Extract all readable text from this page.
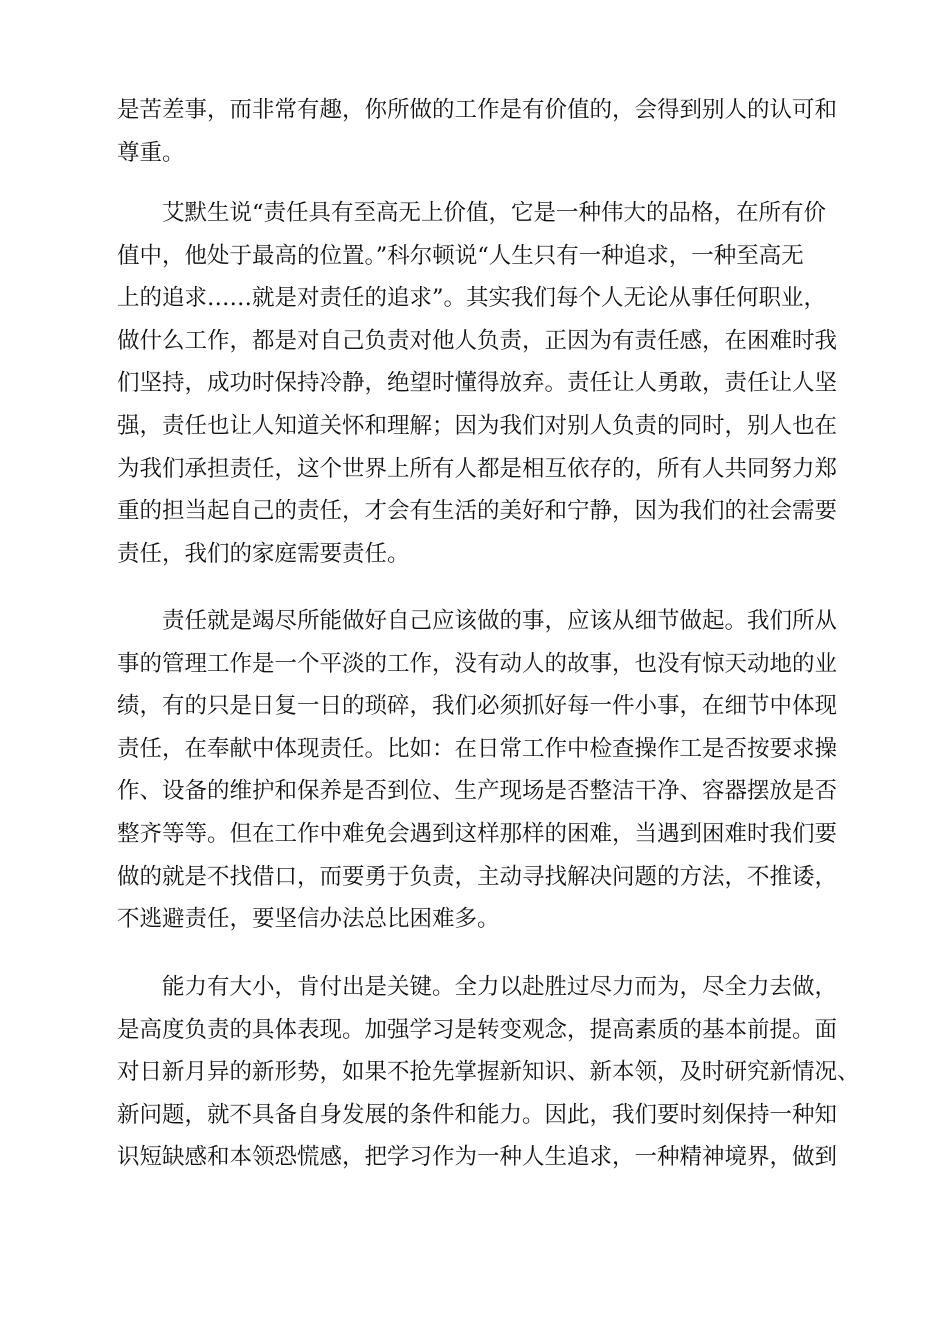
是苦差事，而非常有趣，你所做的工作是有价值的，会得到别人的认可和
尊重。
艾默生说“责任具有至高无上价值，它是一种伟大的品格，在所有价
值中，他处于最高的位置。”科尔顿说“人生只有一种追求，一种至高无
上的追求……就是对责任的追求”。其实我们每个人无论从事任何职业，
做什么工作，都是对自己负责对他人负责，正因为有责任感，在困难时我
们坚持，成功时保持冷静，绝望时懂得放弃。责任让人勇敢，责任让人坚
强，责任也让人知道关怀和理解；因为我们对别人负责的同时，别人也在
为我们承担责任，这个世界上所有人都是相互依存的，所有人共同努力郑
重的担当起自己的责任，才会有生活的美好和宁静，因为我们的社会需要
责任，我们的家庭需要责任。
责任就是竭尽所能做好自己应该做的事，应该从细节做起。我们所从
事的管理工作是一个平淡的工作，没有动人的故事，也没有惊天动地的业
绩，有的只是日复一日的琐碎，我们必须抓好每一件小事，在细节中体现
责任，在奉献中体现责任。比如：在日常工作中检查操作工是否按要求操
作、设备的维护和保养是否到位、生产现场是否整洁干净、容器摆放是否
整齐等等。但在工作中难免会遇到这样那样的困难，当遇到困难时我们要
做的就是不找借口，而要勇于负责，主动寻找解决问题的方法，不推诿，
不逃避责任，要坚信办法总比困难多。
能力有大小，肯付出是关键。全力以赴胜过尽力而为，尽全力去做，
是高度负责的具体表现。加强学习是转变观念，提高素质的基本前提。面
对日新月异的新形势，如果不抢先掌握新知识、新本领，及时研究新情况、
新问题，就不具备自身发展的条件和能力。因此，我们要时刻保持一种知
识短缺感和本领恐慌感，把学习作为一种人生追求，一种精神境界，做到
